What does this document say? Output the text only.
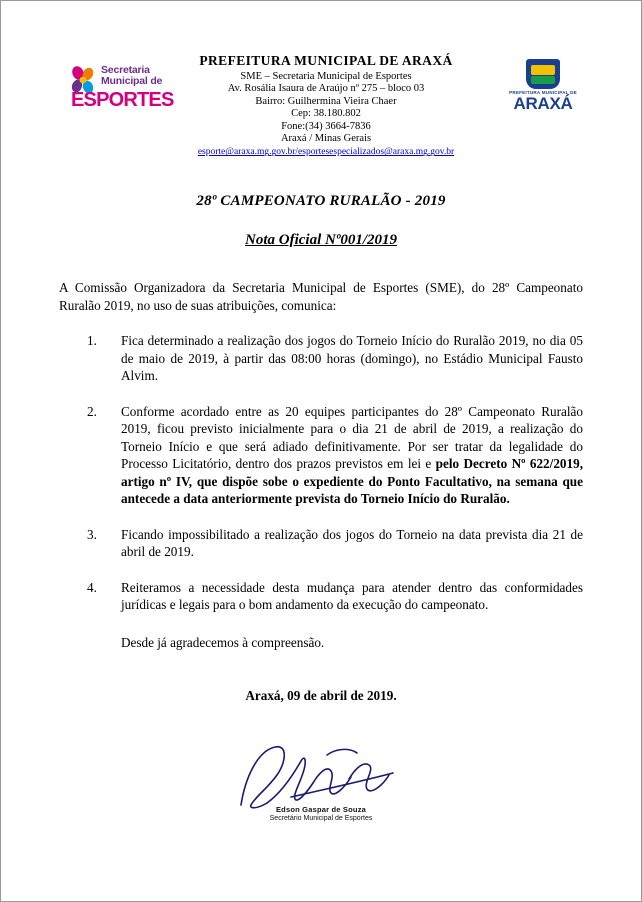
Secretaria
Municipal de
ESPORTES
PREFEITURA MUNICIPAL DE ARAXÁ
SME – Secretaria Municipal de Esportes
Av. Rosália Isaura de Araújo nº 275 – bloco 03
Bairro: Guilhermina Vieira Chaer
Cep: 38.180.802
Fone:(34) 3664-7836
Araxá / Minas Gerais
esporte@araxa.mg.gov.br/esportesespecializados@araxa.mg.gov.br
PREFEITURA MUNICIPAL DE
ARAXÁ
28º CAMPEONATO RURALÃO - 2019
Nota Oficial Nº001/2019

A Comissão Organizadora da Secretaria Municipal de Esportes (SME), do 28º Campeonato Ruralão 2019, no uso de suas atribuições, comunica:

1.	Fica determinado a realização dos jogos do Torneio Início do Ruralão 2019, no dia 05 de maio de 2019, à partir das 08:00 horas (domingo), no Estádio Municipal Fausto Alvim.
2.	Conforme acordado entre as 20 equipes participantes do 28º Campeonato Ruralão 2019, ficou previsto inicialmente para o dia 21 de abril de 2019, a realização do Torneio Início e que será adiado definitivamente. Por ser tratar da legalidade do Processo Licitatório, dentro dos prazos previstos em lei e pelo Decreto Nº 622/2019, artigo nº IV, que dispõe sobe o expediente do Ponto Facultativo, na semana que antecede a data anteriormente prevista do Torneio Início do Ruralão.
3.	Ficando impossibilitado a realização dos jogos do Torneio na data prevista dia 21 de abril de 2019.
4.	Reiteramos a necessidade desta mudança para atender dentro das conformidades jurídicas e legais para o bom andamento da execução do campeonato.

Desde já agradecemos à compreensão.

Araxá, 09 de abril de 2019.

Edson Gaspar de Souza
Secretário Municipal de Esportes
